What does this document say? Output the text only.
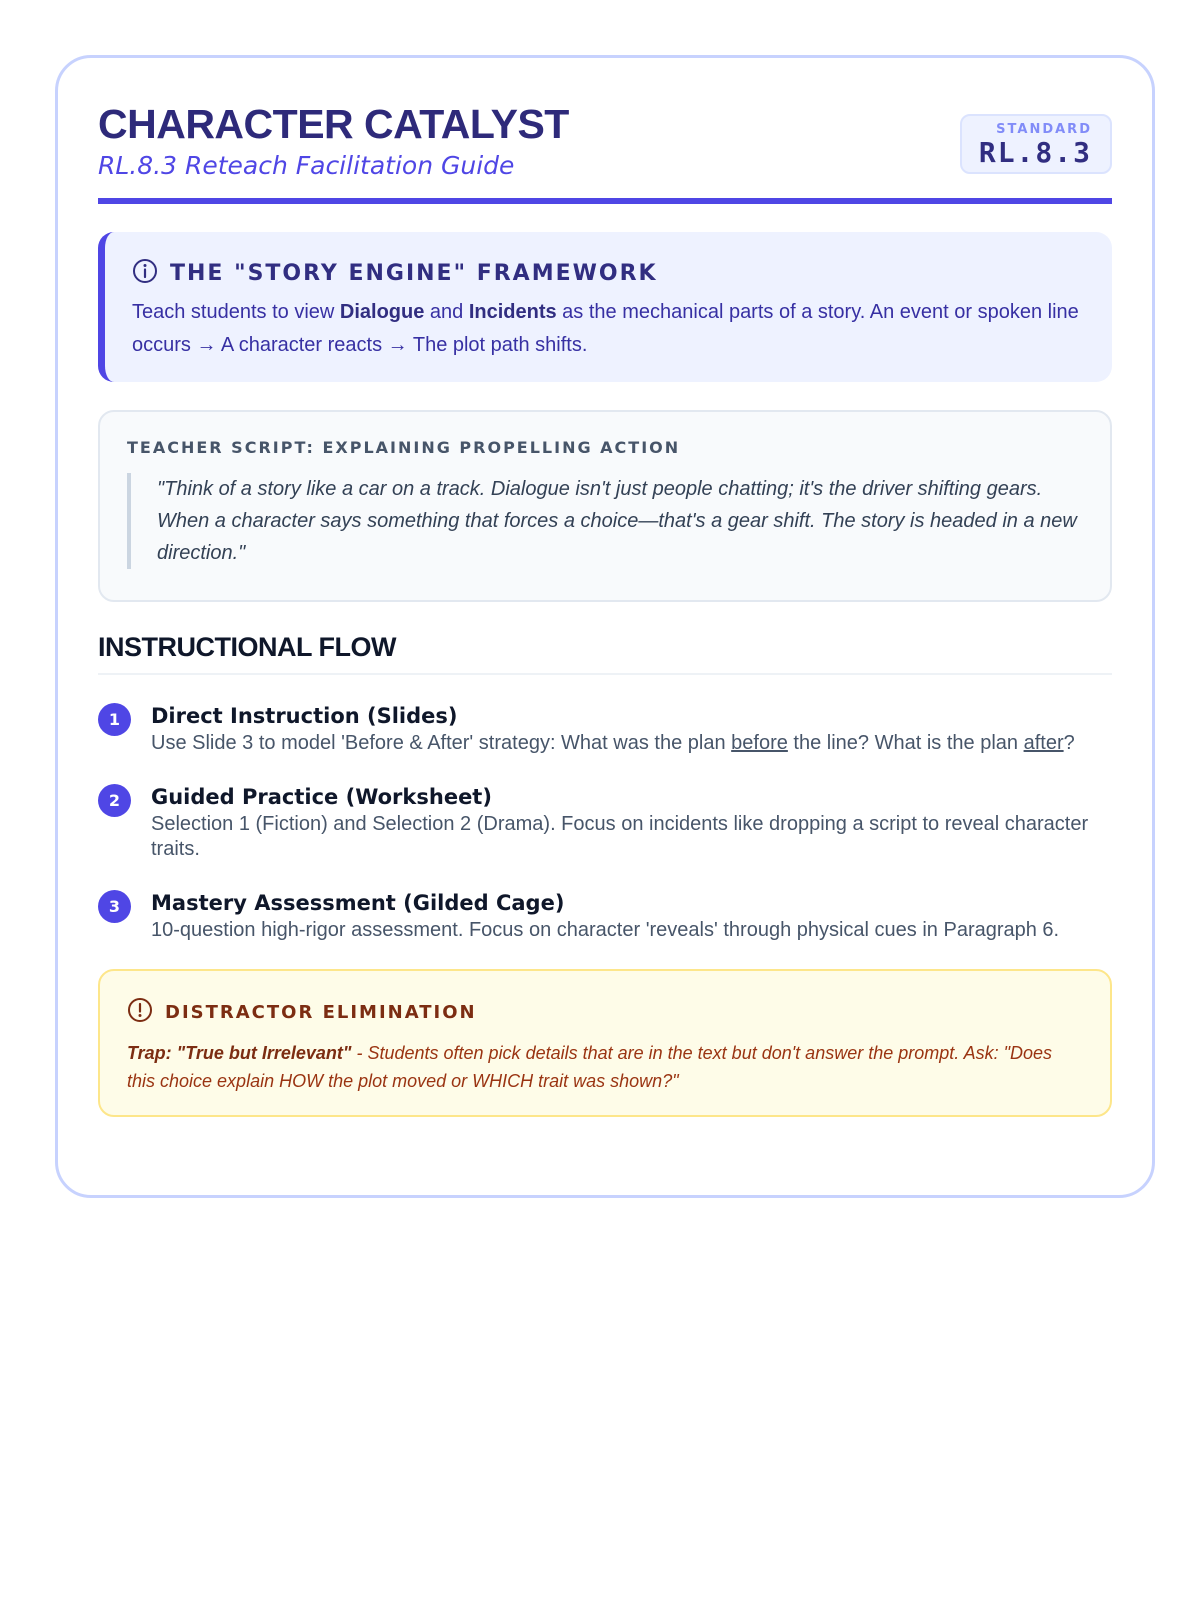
CHARACTER CATALYST
RL.8.3 Reteach Facilitation Guide
STANDARD
RL.8.3
THE "STORY ENGINE" FRAMEWORK
Teach students to view Dialogue and Incidents as the mechanical parts of a story. An event or spoken line occurs → A character reacts → The plot path shifts.
TEACHER SCRIPT: EXPLAINING PROPELLING ACTION
"Think of a story like a car on a track. Dialogue isn't just people chatting; it's the driver shifting gears. When a character says something that forces a choice—that's a gear shift. The story is headed in a new direction."
INSTRUCTIONAL FLOW
1	Direct Instruction (Slides)
Use Slide 3 to model 'Before & After' strategy: What was the plan before the line? What is the plan after?
2	Guided Practice (Worksheet)
Selection 1 (Fiction) and Selection 2 (Drama). Focus on incidents like dropping a script to reveal character traits.
3	Mastery Assessment (Gilded Cage)
10-question high-rigor assessment. Focus on character 'reveals' through physical cues in Paragraph 6.
DISTRACTOR ELIMINATION
Trap: "True but Irrelevant" - Students often pick details that are in the text but don't answer the prompt. Ask: "Does this choice explain HOW the plot moved or WHICH trait was shown?"
